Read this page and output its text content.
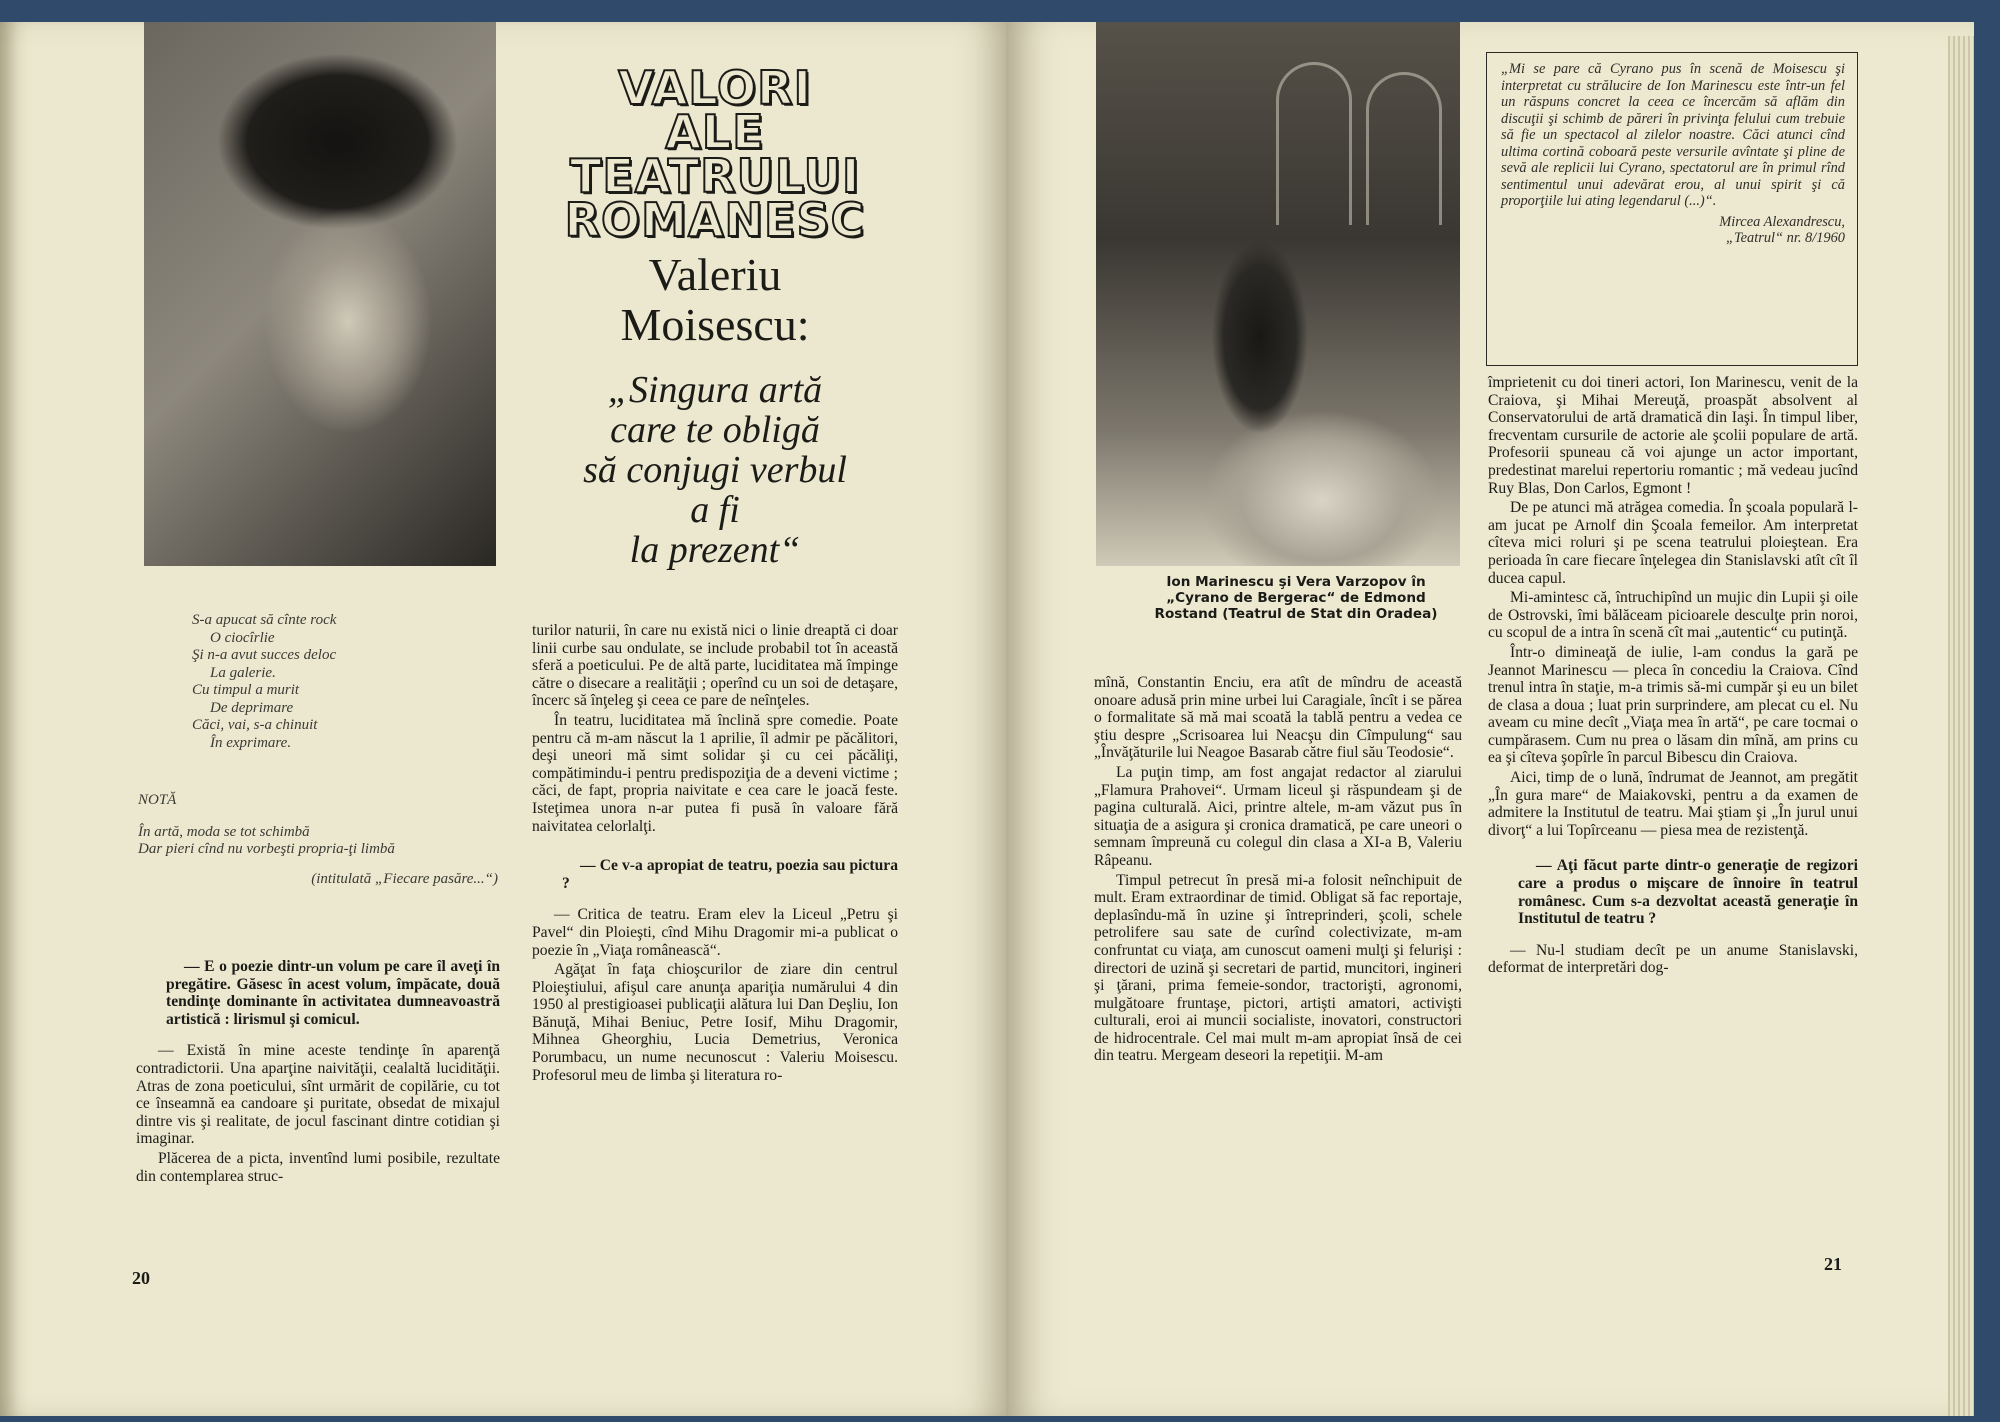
VALORI
ALE
TEATRULUI
ROMANESC
Valeriu
Moisescu:
„Singura artă
care te obligă
să conjugi verbul
a fi
la prezent“
S-a apucat să cînte rock
O ciocîrlie
Şi n-a avut succes deloc
La galerie.
Cu timpul a murit
De deprimare
Căci, vai, s-a chinuit
În exprimare.
NOTĂ
În artă, moda se tot schimbă
Dar pieri cînd nu vorbeşti propria-ţi limbă
(intitulată „Fiecare pasăre...“)

— E o poezie dintr-un volum pe care îl aveţi în pregătire. Găsesc în acest volum, împăcate, două tendinţe dominante în activitatea dumneavoastră artistică : lirismul şi comicul.

— Există în mine aceste tendinţe în aparenţă contradictorii. Una aparţine naivităţii, cealaltă lucidităţii. Atras de zona poeticului, sînt urmărit de copilărie, cu tot ce înseamnă ea candoare şi puritate, obsedat de mixajul dintre vis şi realitate, de jocul fascinant dintre cotidian şi imaginar.

Plăcerea de a picta, inventînd lumi posibile, rezultate din contemplarea struc-

turilor naturii, în care nu există nici o linie dreaptă ci doar linii curbe sau ondulate, se include probabil tot în această sferă a poeticului. Pe de altă parte, luciditatea mă împinge către o disecare a realităţii ; operînd cu un soi de detaşare, încerc să înţeleg şi ceea ce pare de neînţeles.

În teatru, luciditatea mă înclină spre comedie. Poate pentru că m-am născut la 1 aprilie, îl admir pe păcălitori, deşi uneori mă simt solidar şi cu cei păcăliţi, compătimindu-i pentru predispoziţia de a deveni victime ; căci, de fapt, propria naivitate e cea care le joacă feste. Isteţimea unora n-ar putea fi pusă în valoare fără naivitatea celorlalţi.

— Ce v-a apropiat de teatru, poezia sau pictura ?

— Critica de teatru. Eram elev la Liceul „Petru şi Pavel“ din Ploieşti, cînd Mihu Dragomir mi-a publicat o poezie în „Viaţa românească“.

Agăţat în faţa chioşcurilor de ziare din centrul Ploieştiului, afişul care anunţa apariţia numărului 4 din 1950 al prestigioasei publicaţii alătura lui Dan Deşliu, Ion Bănuţă, Mihai Beniuc, Petre Iosif, Mihu Dragomir, Mihnea Gheorghiu, Lucia Demetrius, Veronica Porumbacu, un nume necunoscut : Valeriu Moisescu. Profesorul meu de limba şi literatura ro-

20
Ion Marinescu şi Vera Varzopov în „Cyrano de Bergerac“ de Edmond Rostand (Teatrul de Stat din Oradea)
„Mi se pare că Cyrano pus în scenă de Moisescu şi interpretat cu strălucire de Ion Marinescu este într-un fel un răspuns concret la ceea ce încercăm să aflăm din discuţii şi schimb de păreri în privinţa felului cum trebuie să fie un spectacol al zilelor noastre. Căci atunci cînd ultima cortină coboară peste versurile avîntate şi pline de sevă ale replicii lui Cyrano, spectatorul are în primul rînd sentimentul unui adevărat erou, al unui spirit şi că proporţiile lui ating legendarul (...)“.
Mircea Alexandrescu,
„Teatrul“ nr. 8/1960

mînă, Constantin Enciu, era atît de mîndru de această onoare adusă prin mine urbei lui Caragiale, încît i se părea o formalitate să mă mai scoată la tablă pentru a vedea ce ştiu despre „Scrisoarea lui Neacşu din Cîmpulung“ sau „Învăţăturile lui Neagoe Basarab către fiul său Teodosie“.

La puţin timp, am fost angajat redactor al ziarului „Flamura Prahovei“. Urmam liceul şi răspundeam şi de pagina culturală. Aici, printre altele, m-am văzut pus în situaţia de a asigura şi cronica dramatică, pe care uneori o semnam împreună cu colegul din clasa a XI-a B, Valeriu Râpeanu.

Timpul petrecut în presă mi-a folosit neînchipuit de mult. Eram extraordinar de timid. Obligat să fac reportaje, deplasîndu-mă în uzine şi întreprinderi, şcoli, schele petrolifere sau sate de curînd colectivizate, m-am confruntat cu viaţa, am cunoscut oameni mulţi şi felurişi : directori de uzină şi secretari de partid, muncitori, ingineri şi ţărani, prima femeie-sondor, tractorişti, agronomi, mulgătoare fruntaşe, pictori, artişti amatori, activişti culturali, eroi ai muncii socialiste, inovatori, constructori de hidrocentrale. Cel mai mult m-am apropiat însă de cei din teatru. Mergeam deseori la repetiţii. M-am

împrietenit cu doi tineri actori, Ion Marinescu, venit de la Craiova, şi Mihai Mereuţă, proaspăt absolvent al Conservatorului de artă dramatică din Iaşi. În timpul liber, frecventam cursurile de actorie ale şcolii populare de artă. Profesorii spuneau că voi ajunge un actor important, predestinat marelui repertoriu romantic ; mă vedeau jucînd Ruy Blas, Don Carlos, Egmont !

De pe atunci mă atrăgea comedia. În şcoala populară l-am jucat pe Arnolf din Şcoala femeilor. Am interpretat cîteva mici roluri şi pe scena teatrului ploieştean. Era perioada în care fiecare înţelegea din Stanislavski atît cît îl ducea capul.

Mi-amintesc că, întruchipînd un mujic din Lupii şi oile de Ostrovski, îmi bălăceam picioarele desculţe prin noroi, cu scopul de a intra în scenă cît mai „autentic“ cu putinţă.

Într-o dimineaţă de iulie, l-am condus la gară pe Jeannot Marinescu — pleca în concediu la Craiova. Cînd trenul intra în staţie, m-a trimis să-mi cumpăr şi eu un bilet de clasa a doua ; luat prin surprindere, am plecat cu el. Nu aveam cu mine decît „Viaţa mea în artă“, pe care tocmai o cumpărasem. Cum nu prea o lăsam din mînă, am prins cu ea şi cîteva şopîrle în parcul Bibescu din Craiova.

Aici, timp de o lună, îndrumat de Jeannot, am pregătit „În gura mare“ de Maiakovski, pentru a da examen de admitere la Institutul de teatru. Mai ştiam şi „În jurul unui divorţ“ a lui Topîrceanu — piesa mea de rezistenţă.

— Aţi făcut parte dintr-o generaţie de regizori care a produs o mişcare de înnoire în teatrul românesc. Cum s-a dezvoltat această generaţie în Institutul de teatru ?

— Nu-l studiam decît pe un anume Stanislavski, deformat de interpretări dog-

21
